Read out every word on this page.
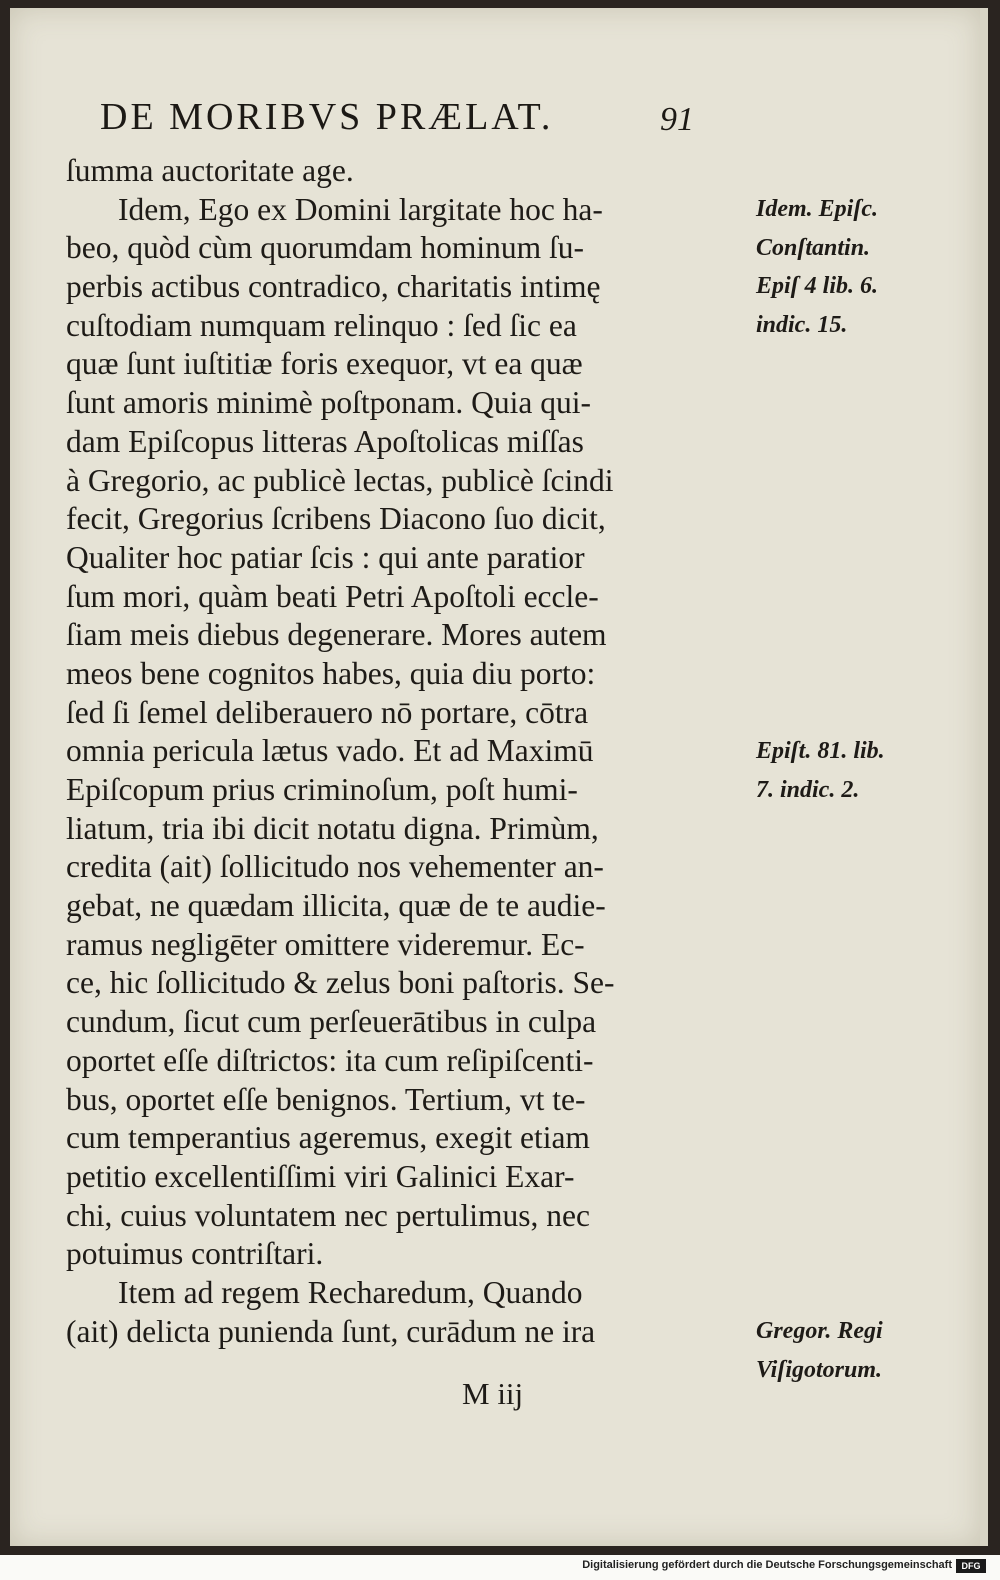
DE MORIBVS PRÆLAT.	91
ſumma auctoritate age.
Idem, Ego ex Domini largitate hoc ha-
beo, quòd cùm quorumdam hominum ſu-
perbis actibus contradico, charitatis intimę
cuſtodiam numquam relinquo : ſed ſic ea
quæ ſunt iuſtitiæ foris exequor, vt ea quæ
ſunt amoris minimè poſtponam. Quia qui-
dam Epiſcopus litteras Apoſtolicas miſſas
à Gregorio, ac publicè lectas, publicè ſcindi
fecit, Gregorius ſcribens Diacono ſuo dicit,
Qualiter hoc patiar ſcis : qui ante paratior
ſum mori, quàm beati Petri Apoſtoli eccle-
ſiam meis diebus degenerare. Mores autem
meos bene cognitos habes, quia diu porto:
ſed ſi ſemel deliberauero nō portare, cōtra
omnia pericula lætus vado. Et ad Maximū
Epiſcopum prius criminoſum, poſt humi-
liatum, tria ibi dicit notatu digna. Primùm,
credita (ait) ſollicitudo nos vehementer an-
gebat, ne quædam illicita, quæ de te audie-
ramus negligēter omittere videremur. Ec-
ce, hic ſollicitudo & zelus boni paſtoris. Se-
cundum, ſicut cum perſeuerātibus in culpa
oportet eſſe diſtrictos: ita cum reſipiſcenti-
bus, oportet eſſe benignos. Tertium, vt te-
cum temperantius ageremus, exegit etiam
petitio excellentiſſimi viri Galinici Exar-
chi, cuius voluntatem nec pertulimus, nec
potuimus contriſtari.
Item ad regem Recharedum, Quando
(ait) delicta punienda ſunt, curādum ne ira
Idem. Epiſc.
Conſtantin.
Epiſ 4 lib. 6.
indic. 15.
Epiſt. 81. lib.
7. indic. 2.
Gregor. Regi
Viſigotorum.
M iij
Digitalisierung gefördert durch die Deutsche Forschungsgemeinschaft	DFG
